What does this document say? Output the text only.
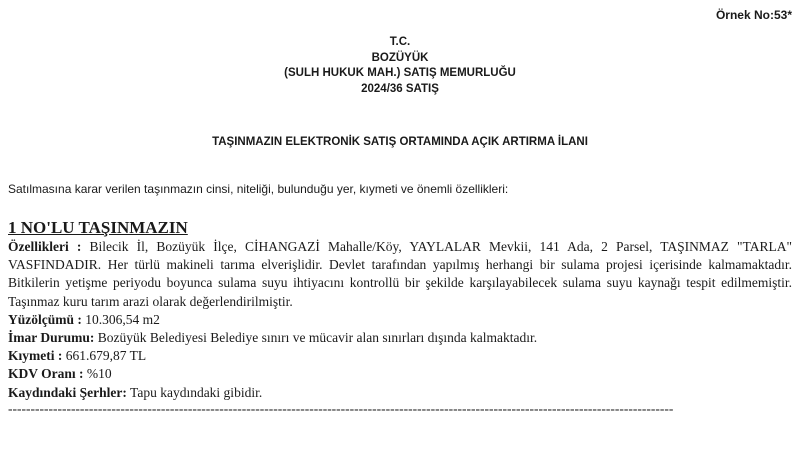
Örnek No:53*
T.C.
BOZÜYÜK
(SULH HUKUK MAH.) SATIŞ MEMURLUĞU
2024/36 SATIŞ
TAŞINMAZIN ELEKTRONİK SATIŞ ORTAMINDA AÇIK ARTIRMA İLANI
Satılmasına karar verilen taşınmazın cinsi, niteliği, bulunduğu yer, kıymeti ve önemli özellikleri:
1 NO'LU TAŞINMAZIN

Özellikleri : Bilecik İl, Bozüyük İlçe, CİHANGAZİ Mahalle/Köy, YAYLALAR Mevkii, 141 Ada, 2 Parsel, TAŞINMAZ "TARLA" VASFINDADIR. Her türlü makineli tarıma elverişlidir. Devlet tarafından yapılmış herhangi bir sulama projesi içerisinde kalmamaktadır. Bitkilerin yetişme periyodu boyunca sulama suyu ihtiyacını kontrollü bir şekilde karşılayabilecek sulama suyu kaynağı tespit edilmemiştir. Taşınmaz kuru tarım arazi olarak değerlendirilmiştir.

Yüzölçümü : 10.306,54 m2

İmar Durumu: Bozüyük Belediyesi Belediye sınırı ve mücavir alan sınırları dışında kalmaktadır.

Kıymeti : 661.679,87 TL

KDV Oranı : %10

Kaydındaki Şerhler: Tapu kaydındaki gibidir.

----------------------------------------------------------------------------------------------------------------------------------------------------
